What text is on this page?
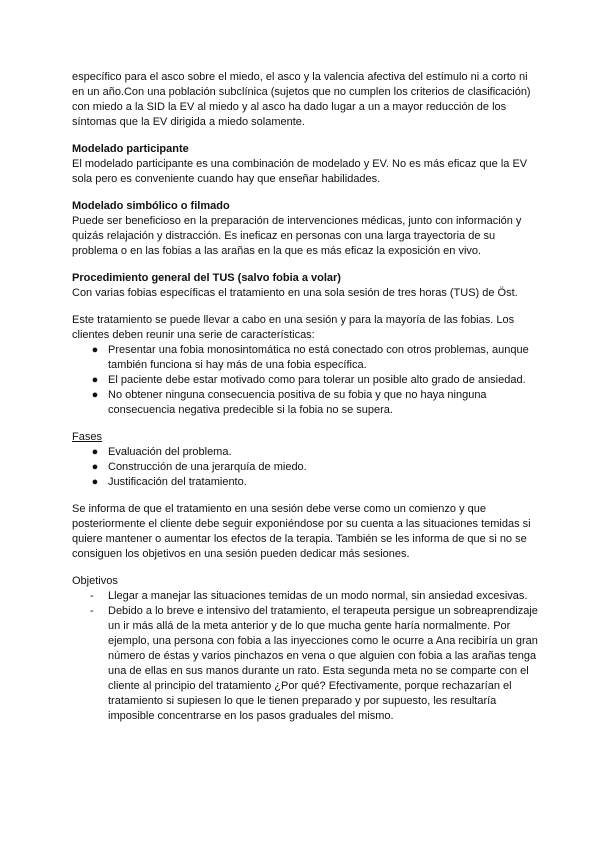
específico para el asco sobre el miedo, el asco y la valencia afectiva del estímulo ni a corto ni en un año.Con una población subclínica (sujetos que no cumplen los criterios de clasificación) con miedo a la SID la EV al miedo y al asco ha dado lugar a un a mayor reducción de los síntomas que la EV dirigida a miedo solamente.

Modelado participante

El modelado participante es una combinación de modelado y EV. No es más eficaz que la EV sola pero es conveniente cuando hay que enseñar habilidades.

Modelado simbólico o filmado

Puede ser beneficioso en la preparación de intervenciones médicas, junto con información y quizás relajación y distracción. Es ineficaz en personas con una larga trayectoria de su problema o en las fobias a las arañas en la que es más eficaz la exposición en vivo.

Procedimiento general del TUS (salvo fobia a volar)

Con varias fobias específicas el tratamiento en una sola sesión de tres horas (TUS) de Öst.

Este tratamiento se puede llevar a cabo en una sesión y para la mayoría de las fobias. Los clientes deben reunir una serie de características:

● Presentar una fobia monosintomática no está conectado con otros problemas, aunque también funciona si hay más de una fobia específica.
● El paciente debe estar motivado como para tolerar un posible alto grado de ansiedad.
● No obtener ninguna consecuencia positiva de su fobia y que no haya ninguna consecuencia negativa predecible si la fobia no se supera.

Fases

● Evaluación del problema.
● Construcción de una jerarquía de miedo.
● Justificación del tratamiento.

Se informa de que el tratamiento en una sesión debe verse como un comienzo y que posteriormente el cliente debe seguir exponiéndose por su cuenta a las situaciones temidas si quiere mantener o aumentar los efectos de la terapia. También se les informa de que si no se consiguen los objetivos en una sesión pueden dedicar más sesiones.

Objetivos

-	Llegar a manejar las situaciones temidas de un modo normal, sin ansiedad excesivas.
-	Debido a lo breve e intensivo del tratamiento, el terapeuta persigue un sobreaprendizaje un ir más allá de la meta anterior y de lo que mucha gente haría normalmente. Por ejemplo, una persona con fobia a las inyecciones como le ocurre a Ana recibiría un gran número de éstas y varios pinchazos en vena o que alguien con fobia a las arañas tenga una de ellas en sus manos durante un rato. Esta segunda meta no se comparte con el cliente al principio del tratamiento ¿Por qué? Efectivamente, porque rechazarían el tratamiento si supiesen lo que le tienen preparado y por supuesto, les resultaría imposible concentrarse en los pasos graduales del mismo.
